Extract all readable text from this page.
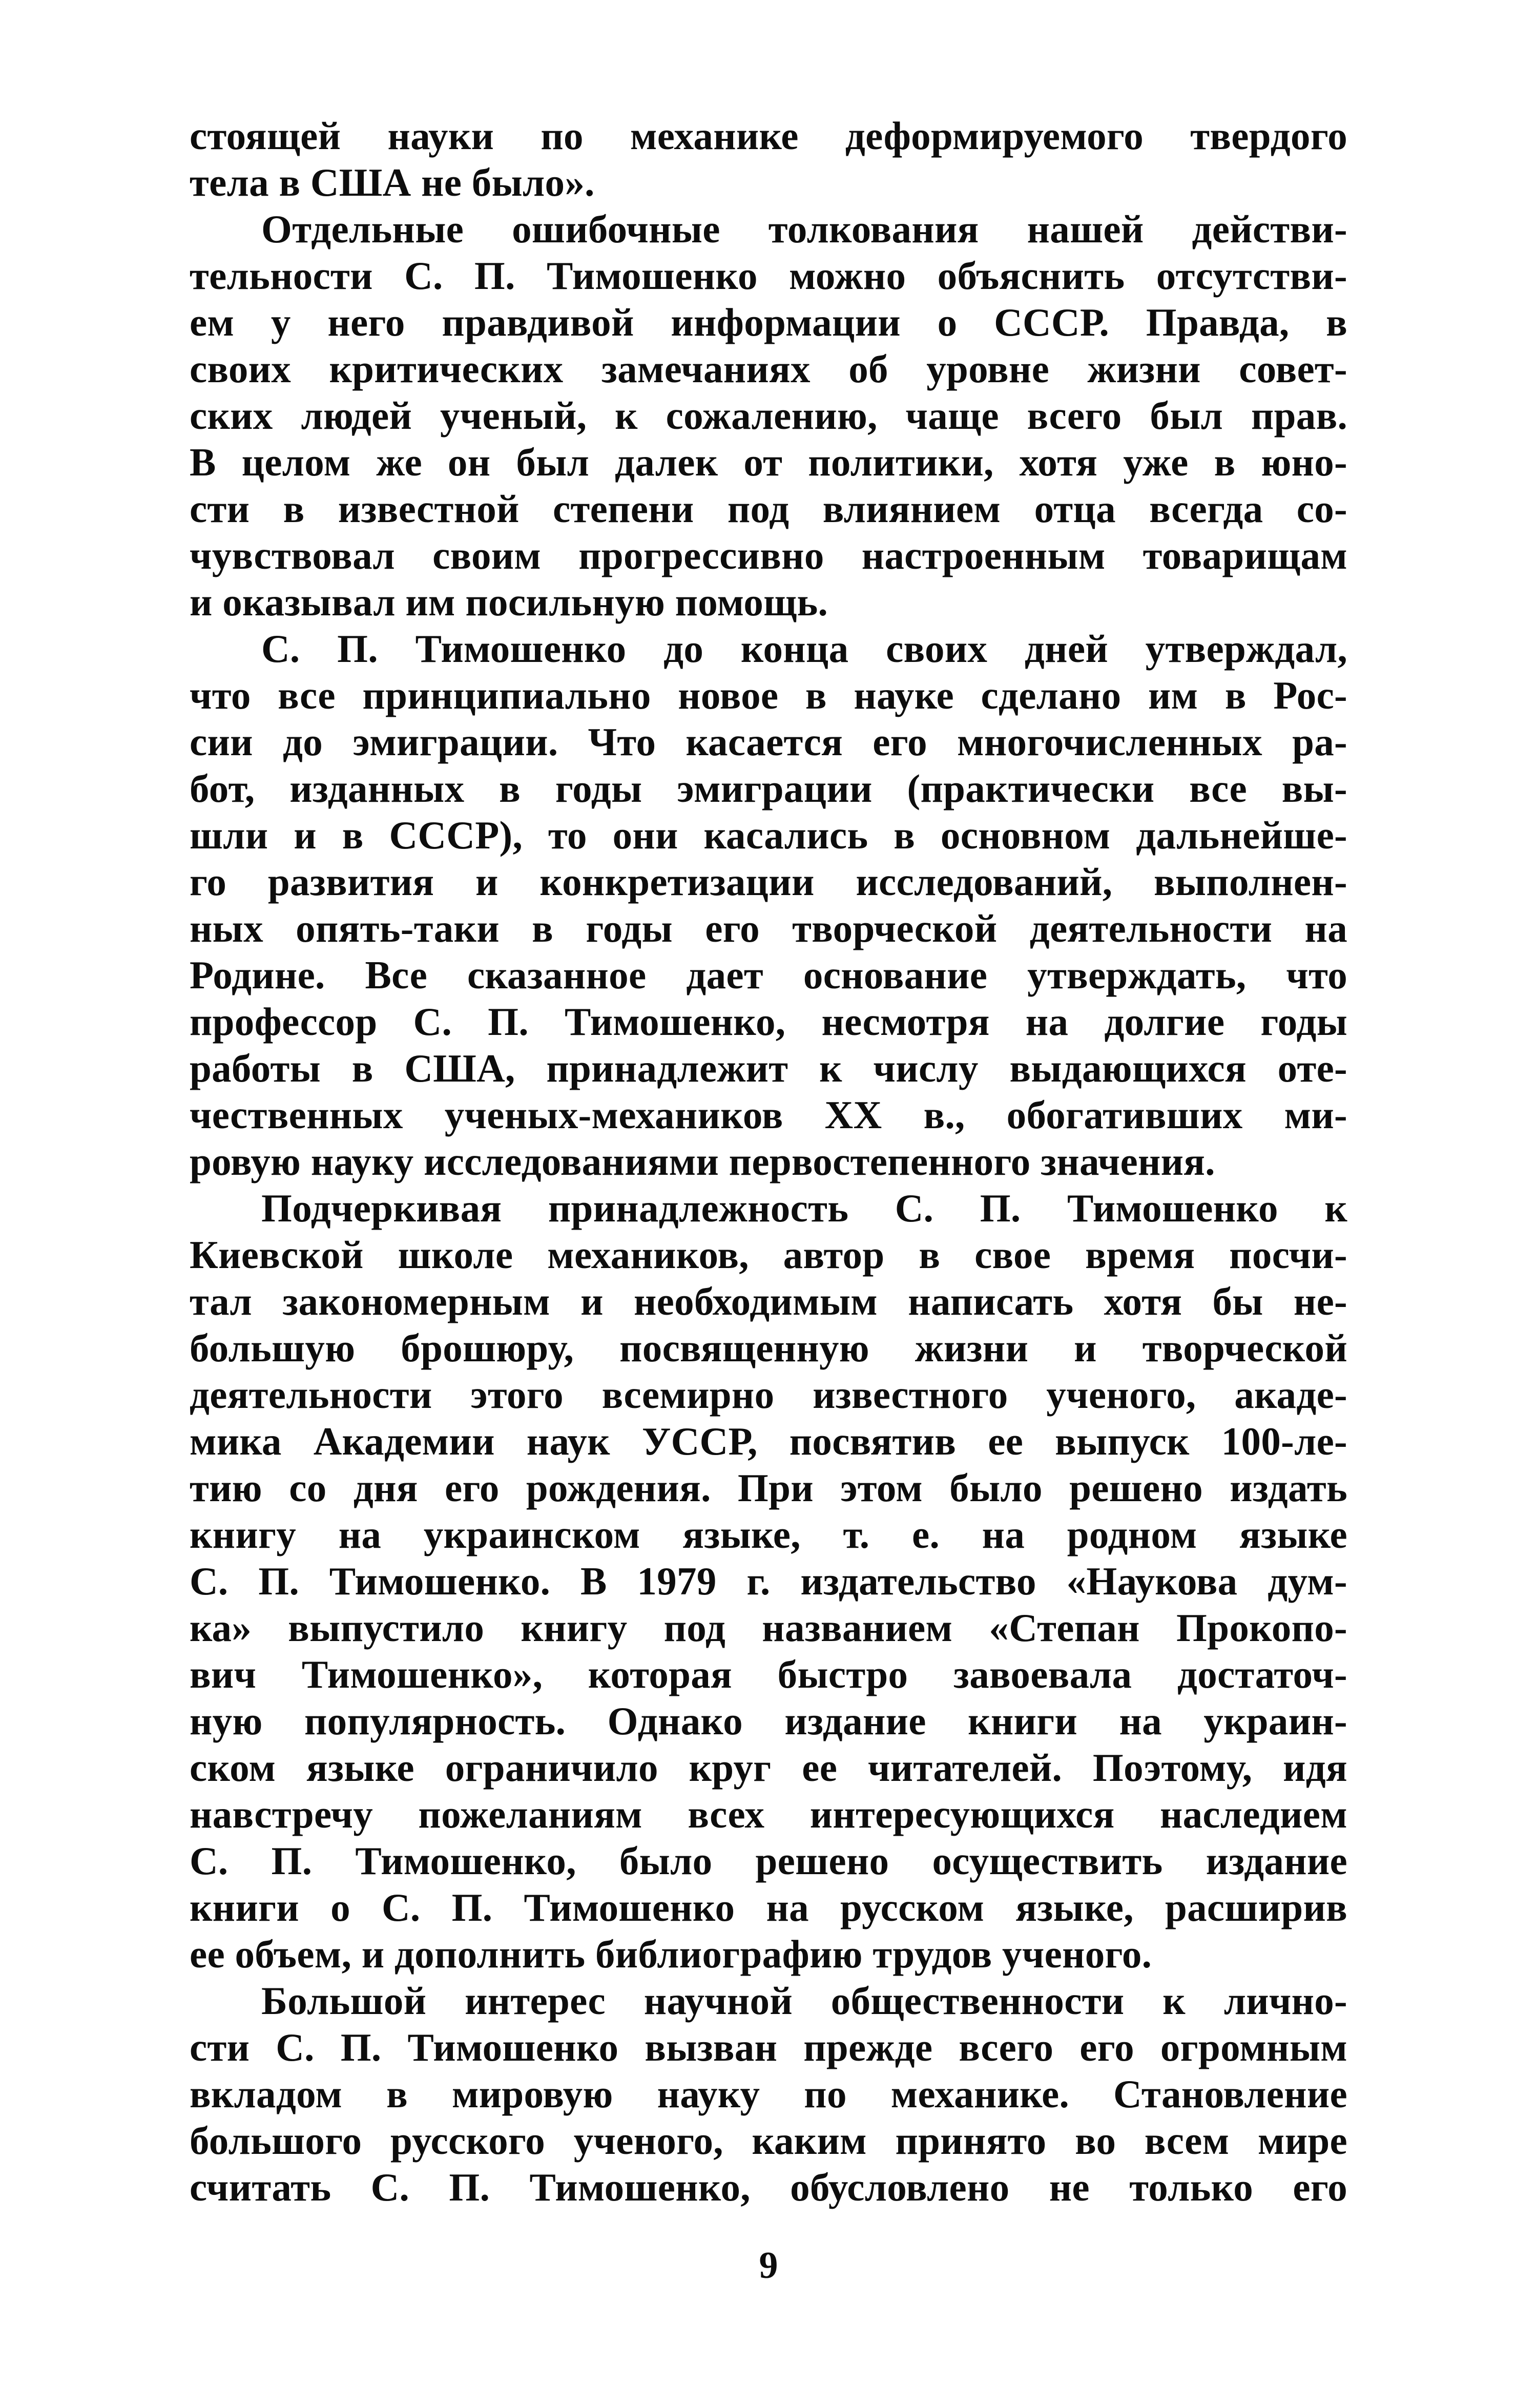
стоящей науки по механике деформируемого твердого
тела в США не было».
Отдельные ошибочные толкования нашей действи-
тельности С. П. Тимошенко можно объяснить отсутстви-
ем у него правдивой информации о СССР. Правда, в
своих критических замечаниях об уровне жизни совет-
ских людей ученый, к сожалению, чаще всего был прав.
В целом же он был далек от политики, хотя уже в юно-
сти в известной степени под влиянием отца всегда со-
чувствовал своим прогрессивно настроенным товарищам
и оказывал им посильную помощь.
С. П. Тимошенко до конца своих дней утверждал,
что все принципиально новое в науке сделано им в Рос-
сии до эмиграции. Что касается его многочисленных ра-
бот, изданных в годы эмиграции (практически все вы-
шли и в СССР), то они касались в основном дальнейше-
го развития и конкретизации исследований, выполнен-
ных опять-таки в годы его творческой деятельности на
Родине. Все сказанное дает основание утверждать, что
профессор С. П. Тимошенко, несмотря на долгие годы
работы в США, принадлежит к числу выдающихся оте-
чественных ученых-механиков XX в., обогативших ми-
ровую науку исследованиями первостепенного значения.
Подчеркивая принадлежность С. П. Тимошенко к
Киевской школе механиков, автор в свое время посчи-
тал закономерным и необходимым написать хотя бы не-
большую брошюру, посвященную жизни и творческой
деятельности этого всемирно известного ученого, акаде-
мика Академии наук УССР, посвятив ее выпуск 100-ле-
тию со дня его рождения. При этом было решено издать
книгу на украинском языке, т. е. на родном языке
С. П. Тимошенко. В 1979 г. издательство «Наукова дум-
ка» выпустило книгу под названием «Степан Прокопо-
вич Тимошенко», которая быстро завоевала достаточ-
ную популярность. Однако издание книги на украин-
ском языке ограничило круг ее читателей. Поэтому, идя
навстречу пожеланиям всех интересующихся наследием
С. П. Тимошенко, было решено осуществить издание
книги о С. П. Тимошенко на русском языке, расширив
ее объем, и дополнить библиографию трудов ученого.
Большой интерес научной общественности к лично-
сти С. П. Тимошенко вызван прежде всего его огромным
вкладом в мировую науку по механике. Становление
большого русского ученого, каким принято во всем мире
считать С. П. Тимошенко, обусловлено не только его
9
